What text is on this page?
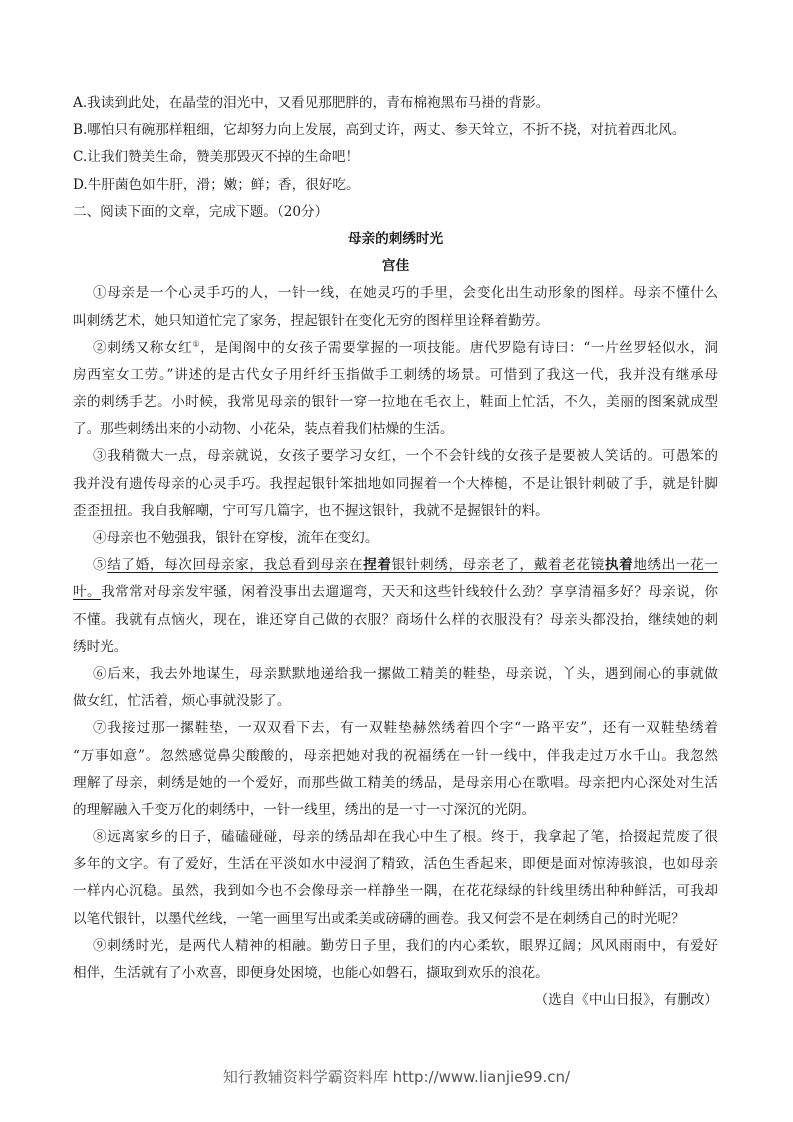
A.我读到此处，在晶莹的泪光中，又看见那肥胖的，青布棉袍黑布马褂的背影。
B.哪怕只有碗那样粗细，它却努力向上发展，高到丈许，两丈、参天耸立，不折不挠，对抗着西北风。
C.让我们赞美生命，赞美那毁灭不掉的生命吧！
D.牛肝菌色如牛肝，滑；嫩；鲜；香，很好吃。
二、阅读下面的文章，完成下题。（20分）
母亲的刺绣时光
宫佳
①母亲是一个心灵手巧的人，一针一线，在她灵巧的手里，会变化出生动形象的图样。母亲不懂什么
叫刺绣艺术，她只知道忙完了家务，捏起银针在变化无穷的图样里诠释着勤劳。
②刺绣又称女红①，是闺阁中的女孩子需要掌握的一项技能。唐代罗隐有诗曰：“一片丝罗轻似水，洞
房西室女工劳。”讲述的是古代女子用纤纤玉指做手工刺绣的场景。可惜到了我这一代，我并没有继承母
亲的刺绣手艺。小时候，我常见母亲的银针一穿一拉地在毛衣上，鞋面上忙活，不久，美丽的图案就成型
了。那些刺绣出来的小动物、小花朵，装点着我们枯燥的生活。
③我稍微大一点，母亲就说，女孩子要学习女红，一个不会针线的女孩子是要被人笑话的。可愚笨的
我并没有遗传母亲的心灵手巧。我捏起银针笨拙地如同握着一个大棒槌，不是让银针刺破了手，就是针脚
歪歪扭扭。我自我解嘲，宁可写几篇字，也不握这银针，我就不是握银针的料。
④母亲也不勉强我，银针在穿梭，流年在变幻。
⑤结了婚，每次回母亲家，我总看到母亲在捏着银针刺绣，母亲老了，戴着老花镜执着地绣出一花一
叶。我常常对母亲发牢骚，闲着没事出去遛遛弯，天天和这些针线较什么劲？享享清福多好？母亲说，你
不懂。我就有点恼火，现在，谁还穿自己做的衣服？商场什么样的衣服没有？母亲头都没抬，继续她的刺
绣时光。
⑥后来，我去外地谋生，母亲默默地递给我一摞做工精美的鞋垫，母亲说，丫头，遇到闹心的事就做
做女红，忙活着，烦心事就没影了。
⑦我接过那一摞鞋垫，一双双看下去，有一双鞋垫赫然绣着四个字“一路平安”，还有一双鞋垫绣着
“万事如意”。忽然感觉鼻尖酸酸的，母亲把她对我的祝福绣在一针一线中，伴我走过万水千山。我忽然
理解了母亲，刺绣是她的一个爱好，而那些做工精美的绣品，是母亲用心在歌唱。母亲把内心深处对生活
的理解融入千变万化的刺绣中，一针一线里，绣出的是一寸一寸深沉的光阴。
⑧远离家乡的日子，磕磕碰碰，母亲的绣品却在我心中生了根。终于，我拿起了笔，拾掇起荒废了很
多年的文字。有了爱好，生活在平淡如水中浸润了精致，活色生香起来，即便是面对惊涛骇浪，也如母亲
一样内心沉稳。虽然，我到如今也不会像母亲一样静坐一隅，在花花绿绿的针线里绣出种种鲜活，可我却
以笔代银针，以墨代丝线，一笔一画里写出或柔美或磅礴的画卷。我又何尝不是在刺绣自己的时光呢？
⑨刺绣时光，是两代人精神的相融。勤劳日子里，我们的内心柔软，眼界辽阔；风风雨雨中，有爱好
相伴，生活就有了小欢喜，即便身处困境，也能心如磐石，撷取到欢乐的浪花。
（选自《中山日报》，有删改）
知行教辅资料学霸资料库 http://www.lianjie99.cn/
